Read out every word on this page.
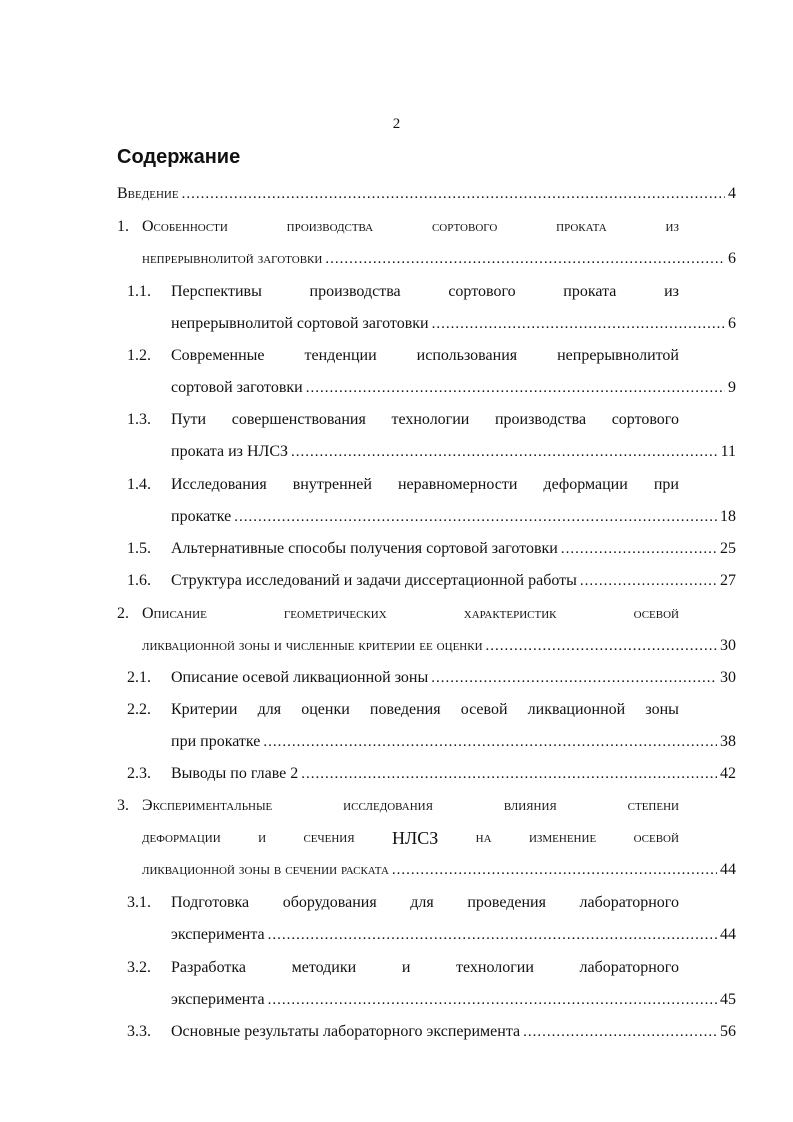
2
Содержание
Введение .....	4
1. Особенности	производства	сортового	проката	из
непрерывнолитой заготовки .....	6
1.1.	Перспективы	производства	сортового	проката	из
непрерывнолитой сортовой заготовки .....	6
1.2.	Современные тенденции использования непрерывнолитой
сортовой заготовки .....	9
1.3.	Пути совершенствования технологии производства сортового
проката из НЛСЗ .....	11
1.4.	Исследования внутренней неравномерности деформации при
прокатке .....	18
1.5.	Альтернативные способы получения сортовой заготовки .....	25
1.6.	Структура исследований и задачи диссертационной работы .....	27
2. Описание	геометрических	характеристик	осевой
ликвационной зоны и численные критерии ее оценки .....	30
2.1.	Описание осевой ликвационной зоны .....	30
2.2.	Критерии для оценки поведения осевой ликвационной зоны
при прокатке .....	38
2.3.	Выводы по главе 2 .....	42
3. Экспериментальные	исследования	влияния	степени
деформации и сечения НЛСЗ на изменение осевой
ликвационной зоны в сечении раската .....	44
3.1.	Подготовка оборудования для проведения лабораторного
эксперимента .....	44
3.2.	Разработка	методики	и	технологии	лабораторного
эксперимента .....	45
3.3.	Основные результаты лабораторного эксперимента .....	56
